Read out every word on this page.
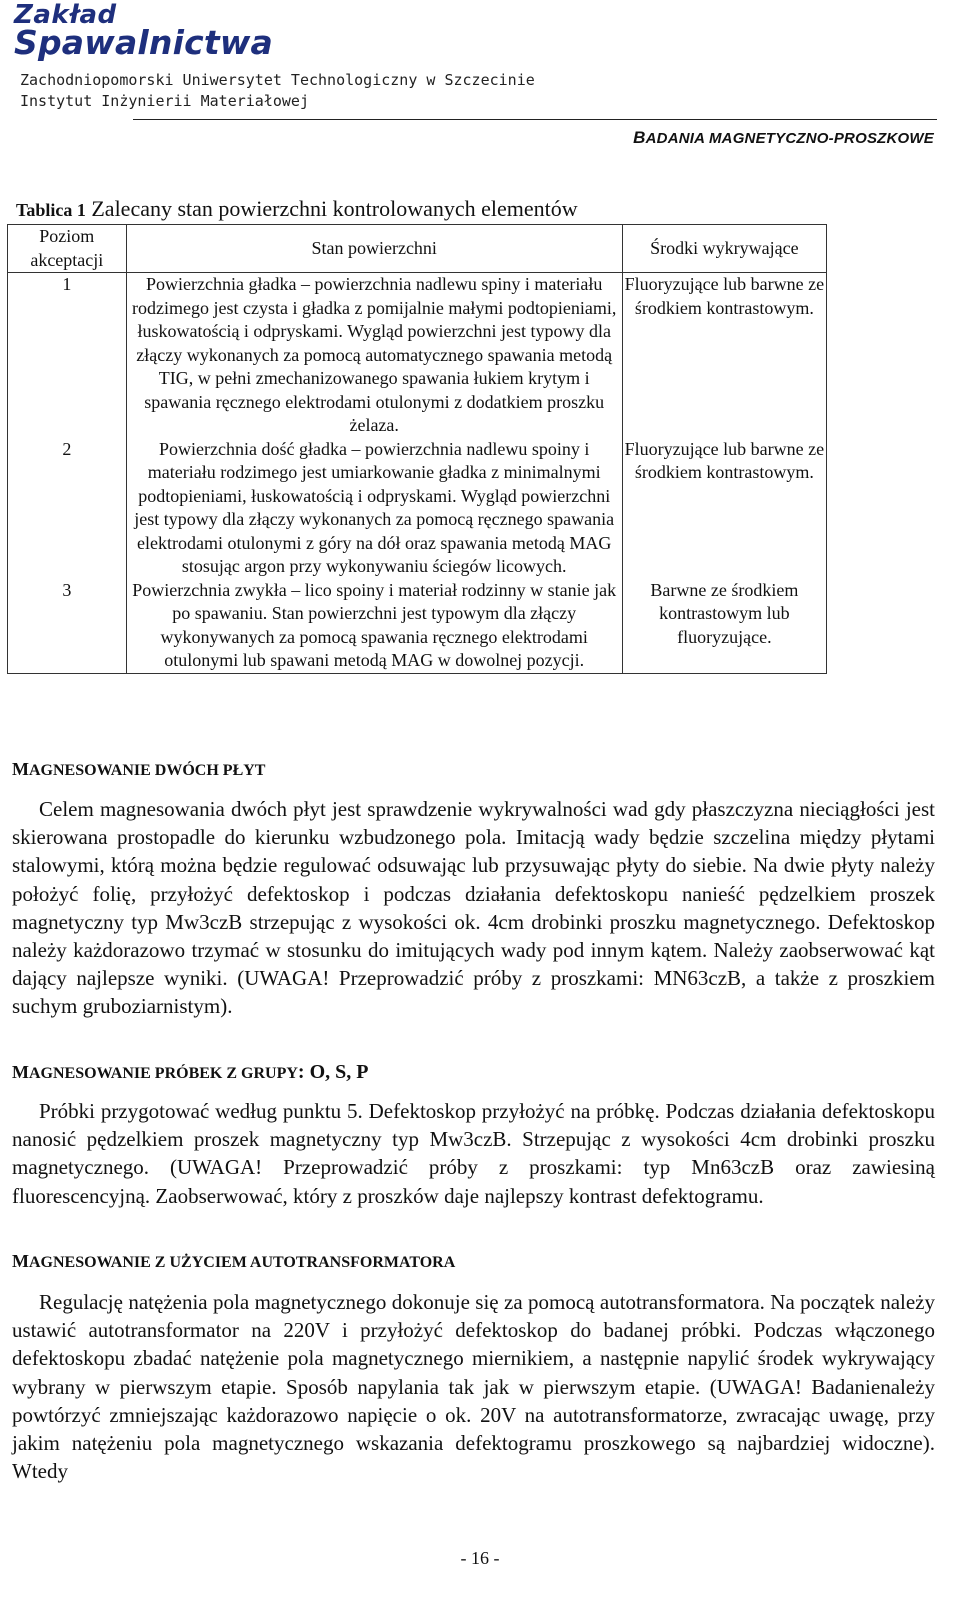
Zakład
Spawalnictwa
Zachodniopomorski Uniwersytet Technologiczny w Szczecinie
Instytut Inżynierii Materiałowej
BADANIA MAGNETYCZNO-PROSZKOWE
Tablica 1 Zalecany stan powierzchni kontrolowanych elementów
Poziom
akceptacji	Stan powierzchni	Środki wykrywające
1	Powierzchnia gładka – powierzchnia nadlewu spiny i materiału rodzimego jest czysta i gładka z pomijalnie małymi podtopieniami, łuskowatością i odpryskami. Wygląd powierzchni jest typowy dla złączy wykonanych za pomocą automatycznego spawania metodą TIG, w pełni zmechanizowanego spawania łukiem krytym i spawania ręcznego elektrodami otulonymi z dodatkiem proszku żelaza.	Fluoryzujące lub barwne ze środkiem kontrastowym.
2	Powierzchnia dość gładka – powierzchnia nadlewu spoiny i materiału rodzimego jest umiarkowanie gładka z minimalnymi podtopieniami, łuskowatością i odpryskami. Wygląd powierzchni jest typowy dla złączy wykonanych za pomocą ręcznego spawania elektrodami otulonymi z góry na dół oraz spawania metodą MAG stosując argon przy wykonywaniu ściegów licowych.	Fluoryzujące lub barwne ze środkiem kontrastowym.
3	Powierzchnia zwykła – lico spoiny i materiał rodzinny w stanie jak po spawaniu. Stan powierzchni jest typowym dla złączy wykonywanych za pomocą spawania ręcznego elektrodami otulonymi lub spawani metodą MAG w dowolnej pozycji.	Barwne ze środkiem kontrastowym lub fluoryzujące.
MAGNESOWANIE DWÓCH PŁYT
Celem magnesowania dwóch płyt jest sprawdzenie wykrywalności wad gdy płaszczyzna nieciągłości jest skierowana prostopadle do kierunku wzbudzonego pola. Imitacją wady będzie szczelina między płytami stalowymi, którą można będzie regulować odsuwając lub przysuwając płyty do siebie. Na dwie płyty należy położyć folię, przyłożyć defektoskop i podczas działania defektoskopu nanieść pędzelkiem proszek magnetyczny typ Mw3czB strzepując z wysokości ok. 4cm drobinki proszku magnetycznego. Defektoskop należy każdorazowo trzymać w stosunku do imitujących wady pod innym kątem. Należy zaobserwować kąt dający najlepsze wyniki. (UWAGA! Przeprowadzić próby z proszkami: MN63czB, a także z proszkiem suchym gruboziarnistym).
MAGNESOWANIE PRÓBEK Z GRUPY: O, S, P
Próbki przygotować według punktu 5. Defektoskop przyłożyć na próbkę. Podczas działania defektoskopu nanosić pędzelkiem proszek magnetyczny typ Mw3czB. Strzepując z wysokości 4cm drobinki proszku magnetycznego. (UWAGA! Przeprowadzić próby z proszkami: typ Mn63czB oraz zawiesiną fluorescencyjną. Zaobserwować, który z proszków daje najlepszy kontrast defektogramu.
MAGNESOWANIE Z UŻYCIEM AUTOTRANSFORMATORA
Regulację natężenia pola magnetycznego dokonuje się za pomocą autotransformatora. Na początek należy ustawić autotransformator na 220V i przyłożyć defektoskop do badanej próbki. Podczas włączonego defektoskopu zbadać natężenie pola magnetycznego miernikiem, a następnie napylić środek wykrywający wybrany w pierwszym etapie. Sposób napylania tak jak w pierwszym etapie. (UWAGA! Badanienależy powtórzyć zmniejszając każdorazowo napięcie o ok. 20V na autotransformatorze, zwracając uwagę, przy jakim natężeniu pola magnetycznego wskazania defektogramu proszkowego są najbardziej widoczne). Wtedy
- 16 -
